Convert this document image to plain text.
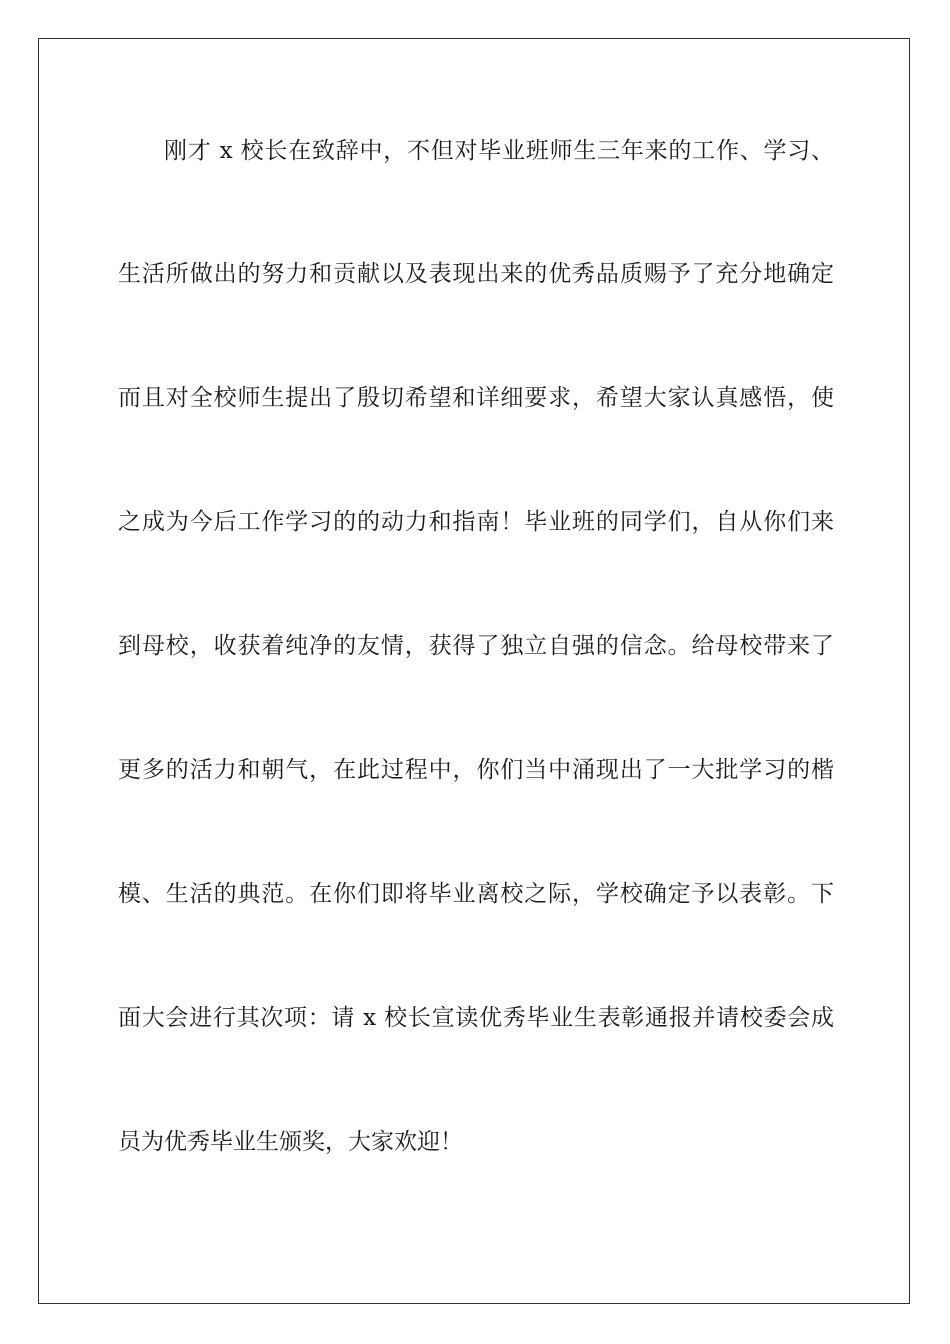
刚才 x 校长在致辞中，不但对毕业班师生三年来的工作、学习、
生活所做出的努力和贡献以及表现出来的优秀品质赐予了充分地确定
而且对全校师生提出了殷切希望和详细要求，希望大家认真感悟，使
之成为今后工作学习的的动力和指南！毕业班的同学们，自从你们来
到母校，收获着纯净的友情，获得了独立自强的信念。给母校带来了
更多的活力和朝气，在此过程中，你们当中涌现出了一大批学习的楷
模、生活的典范。在你们即将毕业离校之际，学校确定予以表彰。下
面大会进行其次项：请 x 校长宣读优秀毕业生表彰通报并请校委会成
员为优秀毕业生颁奖，大家欢迎！
